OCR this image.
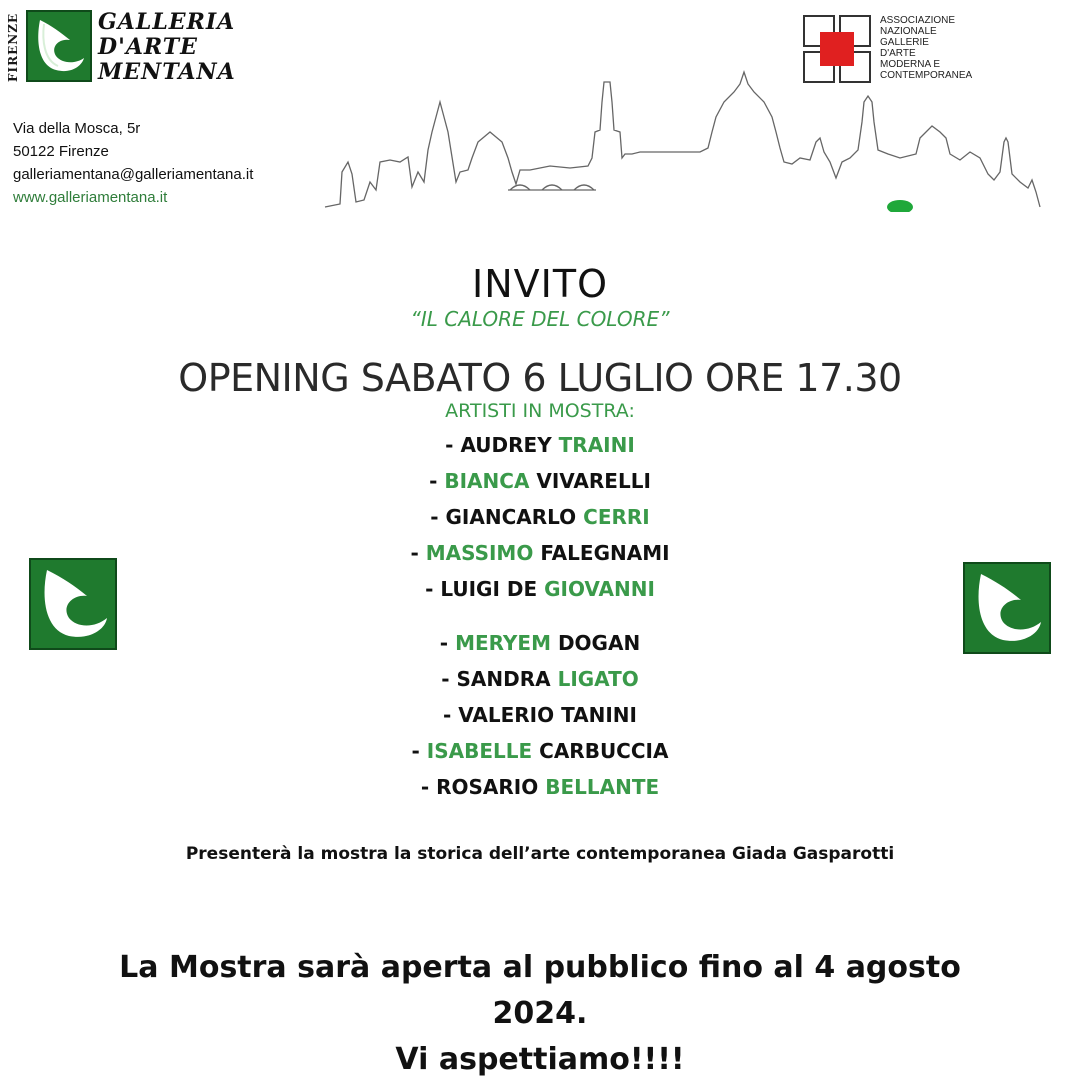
FIRENZE	GALLERIA
D'ARTE
MENTANA
Via della Mosca, 5r
50122 Firenze
galleriamentana@galleriamentana.it
www.galleriamentana.it
ASSOCIAZIONE
NAZIONALE
GALLERIE
D'ARTE
MODERNA E
CONTEMPORANEA
INVITO
“IL CALORE DEL COLORE”
OPENING SABATO 6 LUGLIO ORE 17.30
ARTISTI IN MOSTRA:
- AUDREY TRAINI
- BIANCA VIVARELLI
- GIANCARLO CERRI
- MASSIMO FALEGNAMI
- LUIGI DE GIOVANNI
- MERYEM DOGAN
- SANDRA LIGATO
- VALERIO TANINI
- ISABELLE CARBUCCIA
- ROSARIO BELLANTE
Presenterà la mostra la storica dell’arte contemporanea Giada Gasparotti
La Mostra sarà aperta al pubblico fino al 4 agosto
2024.
Vi aspettiamo!!!!
